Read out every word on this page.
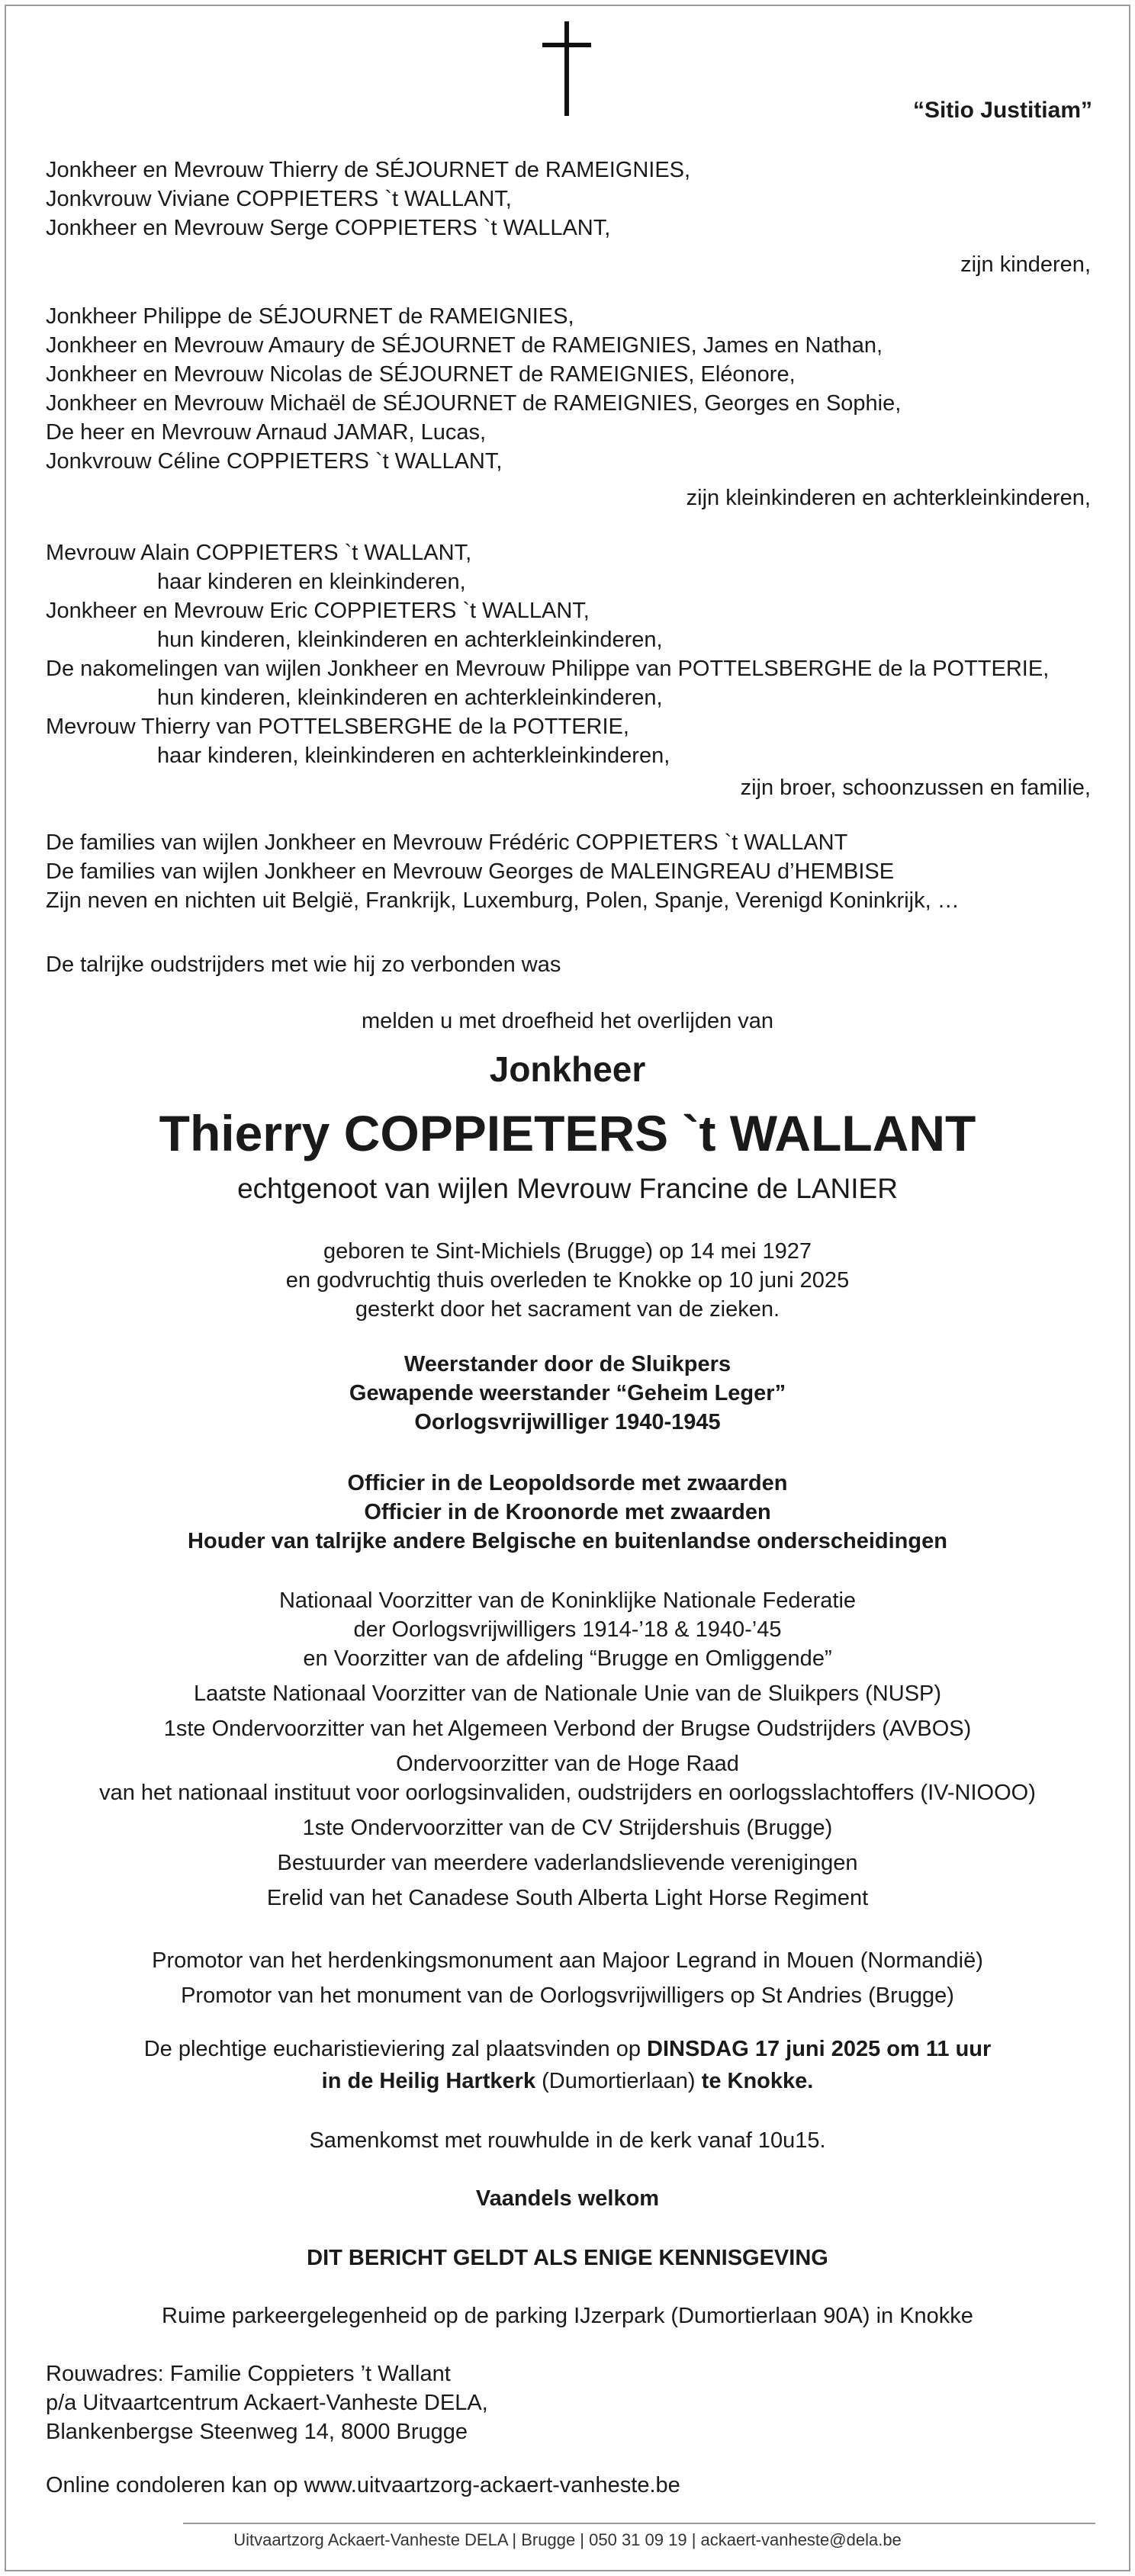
“Sitio Justitiam”
Jonkheer en Mevrouw Thierry de SÉJOURNET de RAMEIGNIES,
Jonkvrouw Viviane COPPIETERS `t WALLANT,
Jonkheer en Mevrouw Serge COPPIETERS `t WALLANT,
zijn kinderen,
Jonkheer Philippe de SÉJOURNET de RAMEIGNIES,
Jonkheer en Mevrouw Amaury de SÉJOURNET de RAMEIGNIES, James en Nathan,
Jonkheer en Mevrouw Nicolas de SÉJOURNET de RAMEIGNIES, Eléonore,
Jonkheer en Mevrouw Michaël de SÉJOURNET de RAMEIGNIES, Georges en Sophie,
De heer en Mevrouw Arnaud JAMAR, Lucas,
Jonkvrouw Céline COPPIETERS `t WALLANT,
zijn kleinkinderen en achterkleinkinderen,
Mevrouw Alain COPPIETERS `t WALLANT,
haar kinderen en kleinkinderen,
Jonkheer en Mevrouw Eric COPPIETERS `t WALLANT,
hun kinderen, kleinkinderen en achterkleinkinderen,
De nakomelingen van wijlen Jonkheer en Mevrouw Philippe van POTTELSBERGHE de la POTTERIE,
hun kinderen, kleinkinderen en achterkleinkinderen,
Mevrouw Thierry van POTTELSBERGHE de la POTTERIE,
haar kinderen, kleinkinderen en achterkleinkinderen,
zijn broer, schoonzussen en familie,
De families van wijlen Jonkheer en Mevrouw Frédéric COPPIETERS `t WALLANT
De families van wijlen Jonkheer en Mevrouw Georges de MALEINGREAU d’HEMBISE
Zijn neven en nichten uit België, Frankrijk, Luxemburg, Polen, Spanje, Verenigd Koninkrijk, …
De talrijke oudstrijders met wie hij zo verbonden was
melden u met droefheid het overlijden van
Jonkheer
Thierry COPPIETERS `t WALLANT
echtgenoot van wijlen Mevrouw Francine de LANIER
geboren te Sint-Michiels (Brugge) op 14 mei 1927
en godvruchtig thuis overleden te Knokke op 10 juni 2025
gesterkt door het sacrament van de zieken.
Weerstander door de Sluikpers
Gewapende weerstander “Geheim Leger”
Oorlogsvrijwilliger 1940-1945
Officier in de Leopoldsorde met zwaarden
Officier in de Kroonorde met zwaarden
Houder van talrijke andere Belgische en buitenlandse onderscheidingen
Nationaal Voorzitter van de Koninklijke Nationale Federatie
der Oorlogsvrijwilligers 1914-’18 & 1940-’45
en Voorzitter van de afdeling “Brugge en Omliggende”
Laatste Nationaal Voorzitter van de Nationale Unie van de Sluikpers (NUSP)
1ste Ondervoorzitter van het Algemeen Verbond der Brugse Oudstrijders (AVBOS)
Ondervoorzitter van de Hoge Raad
van het nationaal instituut voor oorlogsinvaliden, oudstrijders en oorlogsslachtoffers (IV-NIOOO)
1ste Ondervoorzitter van de CV Strijdershuis (Brugge)
Bestuurder van meerdere vaderlandslievende verenigingen
Erelid van het Canadese South Alberta Light Horse Regiment
Promotor van het herdenkingsmonument aan Majoor Legrand in Mouen (Normandië)
Promotor van het monument van de Oorlogsvrijwilligers op St Andries (Brugge)
De plechtige eucharistieviering zal plaatsvinden op DINSDAG 17 juni 2025 om 11 uur
in de Heilig Hartkerk (Dumortierlaan) te Knokke.
Samenkomst met rouwhulde in de kerk vanaf 10u15.
Vaandels welkom
DIT BERICHT GELDT ALS ENIGE KENNISGEVING
Ruime parkeergelegenheid op de parking IJzerpark (Dumortierlaan 90A) in Knokke
Rouwadres: Familie Coppieters ’t Wallant
p/a Uitvaartcentrum Ackaert-Vanheste DELA,
Blankenbergse Steenweg 14, 8000 Brugge
Online condoleren kan op www.uitvaartzorg-ackaert-vanheste.be
Uitvaartzorg Ackaert-Vanheste DELA | Brugge | 050 31 09 19 | ackaert-vanheste@dela.be
